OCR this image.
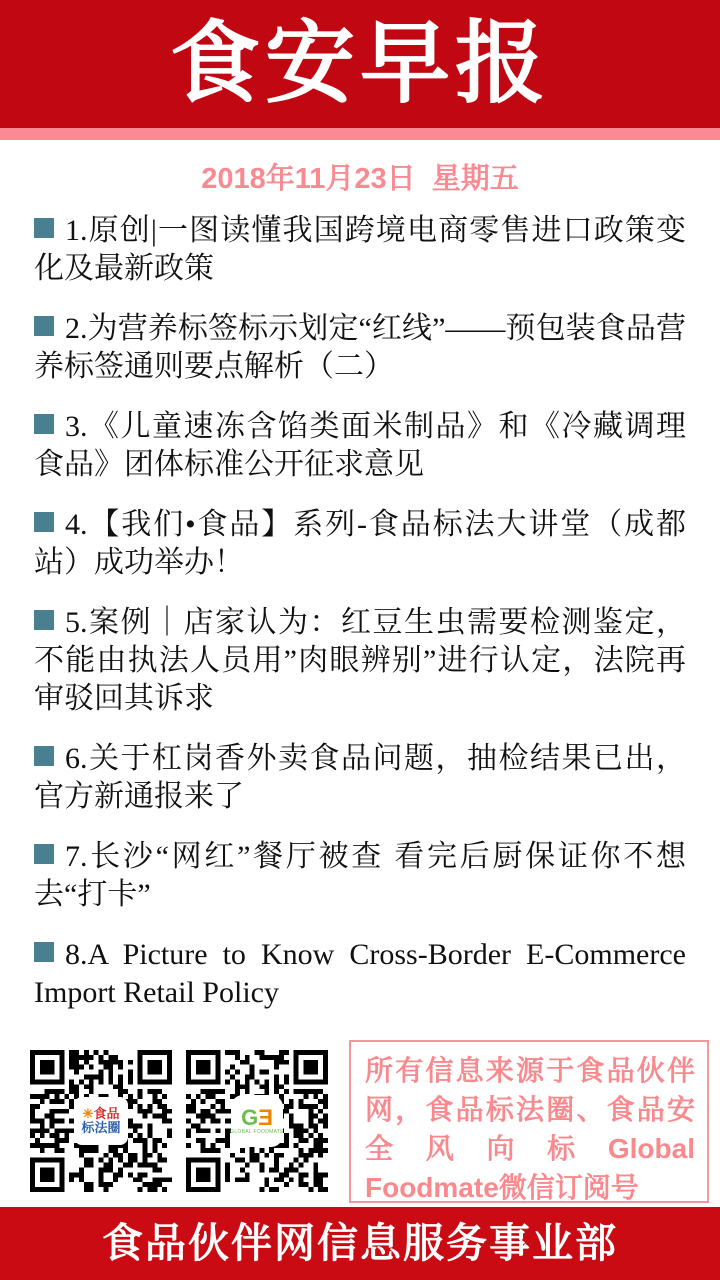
食安早报
2018年11月23日  星期五

1.原创|一图读懂我国跨境电商零售进口政策变化及最新政策

2.为营养标签标示划定“红线”——预包装食品营养标签通则要点解析（二）

3.《儿童速冻含馅类面米制品》和《冷藏调理食品》团体标准公开征求意见

4.【我们•食品】系列-食品标法大讲堂（成都站）成功举办！

5.案例｜店家认为：红豆生虫需要检测鉴定，不能由执法人员用”肉眼辨别”进行认定，法院再审驳回其诉求

6.关于杠岗香外卖食品问题，抽检结果已出，官方新通报来了

7.长沙“网红”餐厅被查 看完后厨保证你不想去“打卡”

8.A Picture to Know Cross-Border E-Commerce Import Retail Policy

✳食品
标法圈	GƎ
GLOBAL FOODMATE
所有信息来源于食品伙伴网，食品标法圈、食品安全风向标Global Foodmate微信订阅号
食品伙伴网信息服务事业部
